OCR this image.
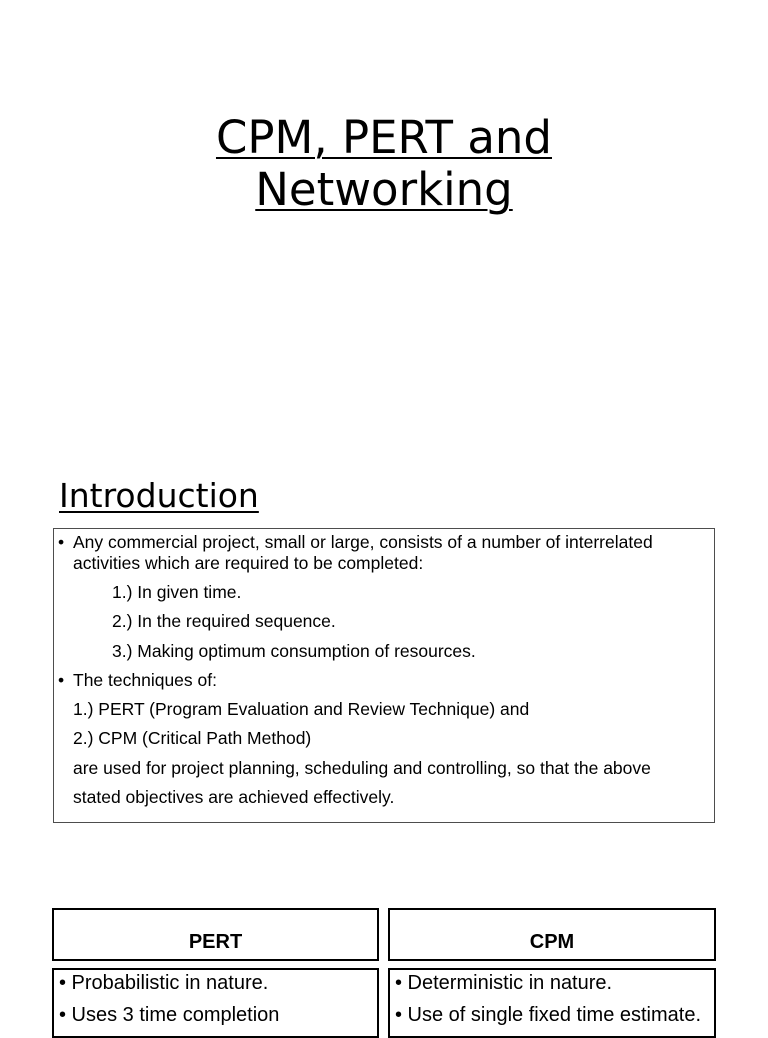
CPM, PERT and
Networking
Introduction
• Any commercial project, small or large, consists of a number of interrelated
activities which are required to be completed:
1.) In given time.
2.) In the required sequence.
3.) Making optimum consumption of resources.
• The techniques of:
1.) PERT (Program Evaluation and Review Technique) and
2.) CPM (Critical Path Method)
are used for project planning, scheduling and controlling, so that the above
stated objectives are achieved effectively.
PERT	CPM
• Probabilistic in nature.
• Uses 3 time completion
• Deterministic in nature.
• Use of single fixed time estimate.
